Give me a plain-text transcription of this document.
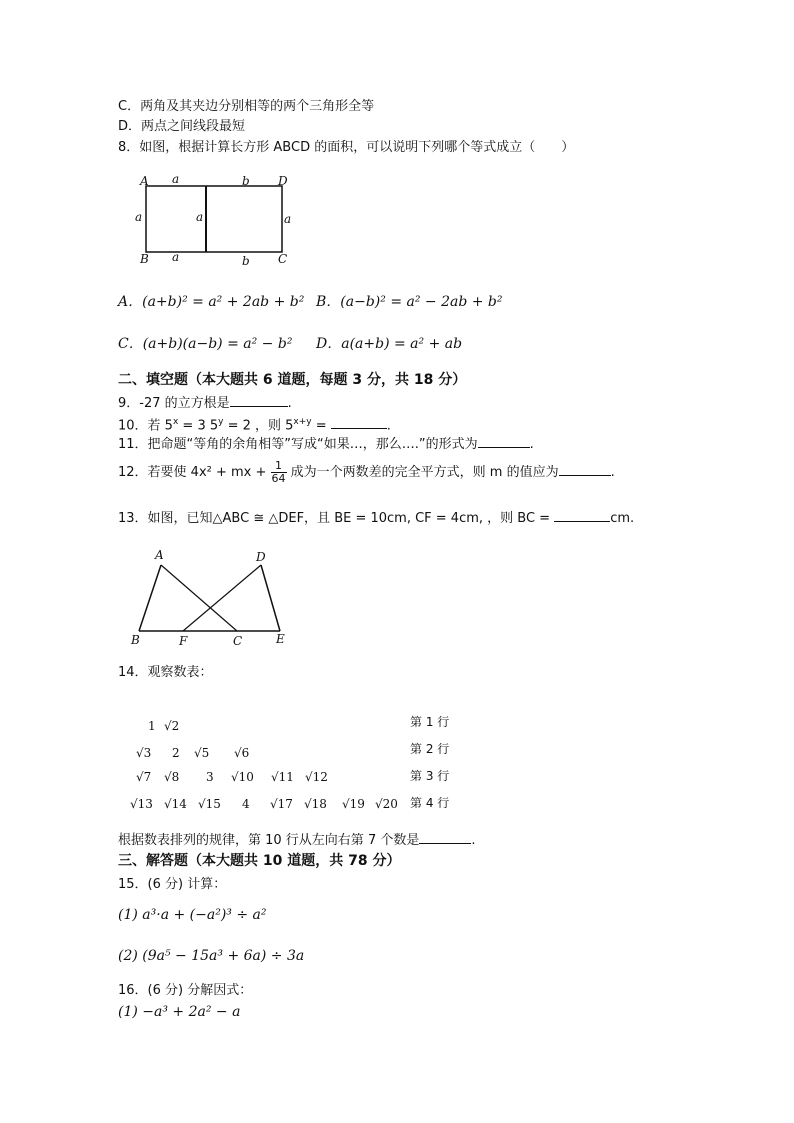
C．两角及其夹边分别相等的两个三角形全等
D．两点之间线段最短
8．如图，根据计算长方形 ABCD 的面积，可以说明下列哪个等式成立（　　）
A	D
B	C
a	b
a	b
a	a	a
A．(a+b)² = a² + 2ab + b² B．(a−b)² = a² − 2ab + b²
C．(a+b)(a−b) = a² − b² D．a(a+b) = a² + ab
二、填空题（本大题共 6 道题，每题 3 分，共 18 分）
9．-27 的立方根是	.
10．若 $5^x = 3$ $5^y = 2$ ，则 $5^{x+y}$ =	.
11．把命题“等角的余角相等”写成“如果…，那么….”的形式为	.
12．若要使 4x² + mx + $\frac{1}{64}$ 成为一个两数差的完全平方式，则 m 的值应为	.
13．如图，已知△ABC ≅ △DEF，且 BE = 10cm, CF = 4cm, ，则 BC =	cm.
A	D
B	F	C	E
14．观察数表：
1 √2	第 1 行
√3 2 √5 √6	第 2 行
√7 √8 3 √10 √11 √12	第 3 行
√13 √14 √15 4 √17 √18 √19 √20 第 4 行
根据数表排列的规律，第 10 行从左向右第 7 个数是	.
三、解答题（本大题共 10 道题，共 78 分）
15．(6 分) 计算：
(1) a³·a + (−a²)³ ÷ a²
(2) (9a⁵ − 15a³ + 6a) ÷ 3a
16．(6 分) 分解因式：
(1) −a³ + 2a² − a
